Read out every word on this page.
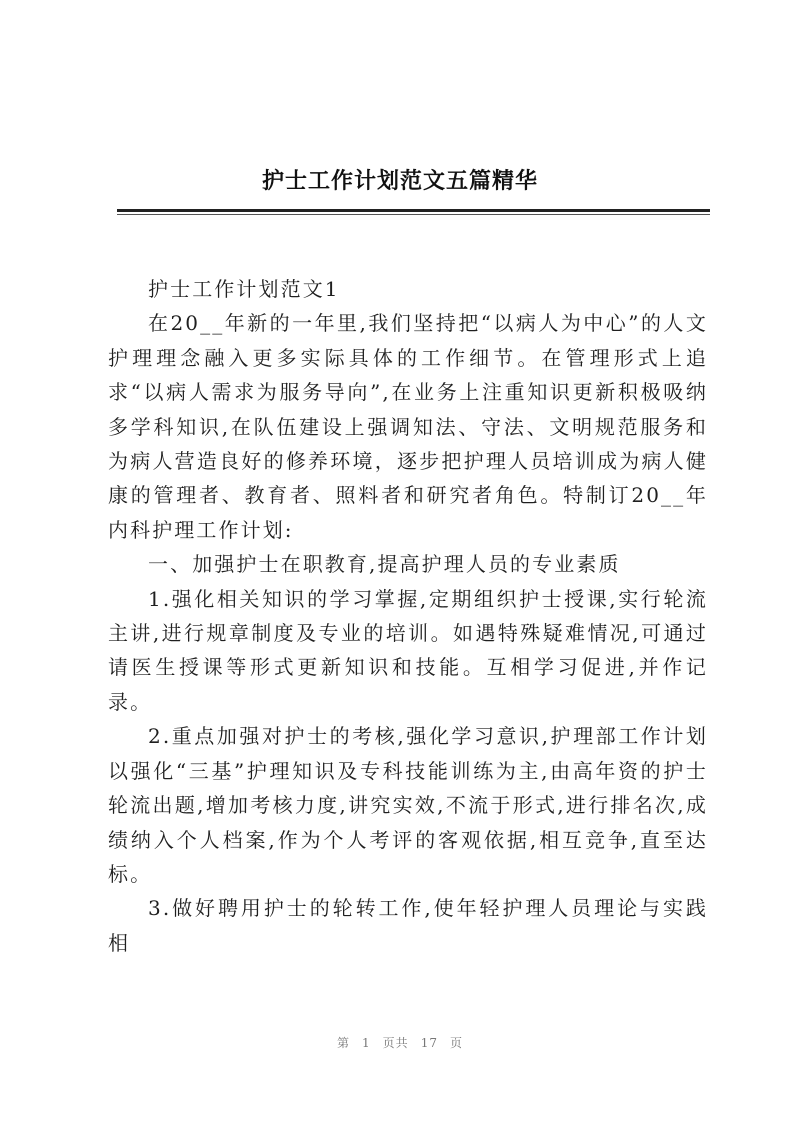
护士工作计划范文五篇精华

护士工作计划范文1

在20__年新的一年里,我们坚持把“以病人为中心”的人文护理理念融入更多实际具体的工作细节。在管理形式上追求“以病人需求为服务导向”,在业务上注重知识更新积极吸纳多学科知识,在队伍建设上强调知法、守法、文明规范服务和为病人营造良好的修养环境，逐步把护理人员培训成为病人健康的管理者、教育者、照料者和研究者角色。特制订20__年内科护理工作计划:

一、加强护士在职教育,提高护理人员的专业素质

1.强化相关知识的学习掌握,定期组织护士授课,实行轮流主讲,进行规章制度及专业的培训。如遇特殊疑难情况,可通过请医生授课等形式更新知识和技能。互相学习促进,并作记录。

2.重点加强对护士的考核,强化学习意识,护理部工作计划以强化“三基”护理知识及专科技能训练为主,由高年资的护士轮流出题,增加考核力度,讲究实效,不流于形式,进行排名次,成绩纳入个人档案,作为个人考评的客观依据,相互竞争,直至达标。

3.做好聘用护士的轮转工作,使年轻护理人员理论与实践相

第 1 页共 17 页
